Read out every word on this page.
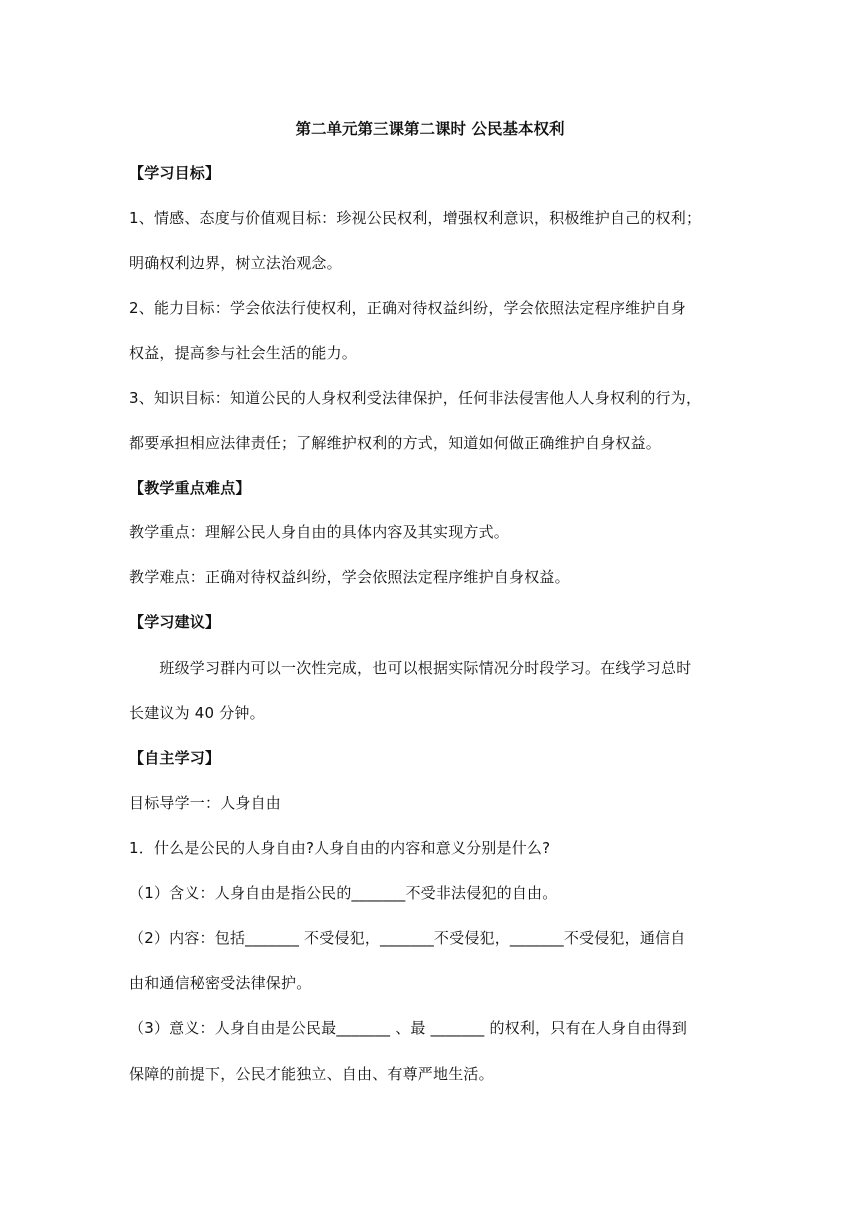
第二单元第三课第二课时 公民基本权利
【学习目标】
1、情感、态度与价值观目标：珍视公民权利，增强权利意识，积极维护自己的权利；
明确权利边界，树立法治观念。
2、能力目标：学会依法行使权利，正确对待权益纠纷，学会依照法定程序维护自身
权益，提高参与社会生活的能力。
3、知识目标：知道公民的人身权利受法律保护，任何非法侵害他人人身权利的行为，
都要承担相应法律责任；了解维护权利的方式，知道如何做正确维护自身权益。
【教学重点难点】
教学重点：理解公民人身自由的具体内容及其实现方式。
教学难点：正确对待权益纠纷，学会依照法定程序维护自身权益。
【学习建议】
　　班级学习群内可以一次性完成，也可以根据实际情况分时段学习。在线学习总时
长建议为 40 分钟。
【自主学习】
目标导学一：人身自由
1．什么是公民的人身自由?人身自由的内容和意义分别是什么?
（1）含义：人身自由是指公民的_______不受非法侵犯的自由。
（2）内容：包括_______ 不受侵犯，_______不受侵犯，_______不受侵犯，通信自
由和通信秘密受法律保护。
（3）意义：人身自由是公民最_______ 、最 _______ 的权利，只有在人身自由得到
保障的前提下，公民才能独立、自由、有尊严地生活。
